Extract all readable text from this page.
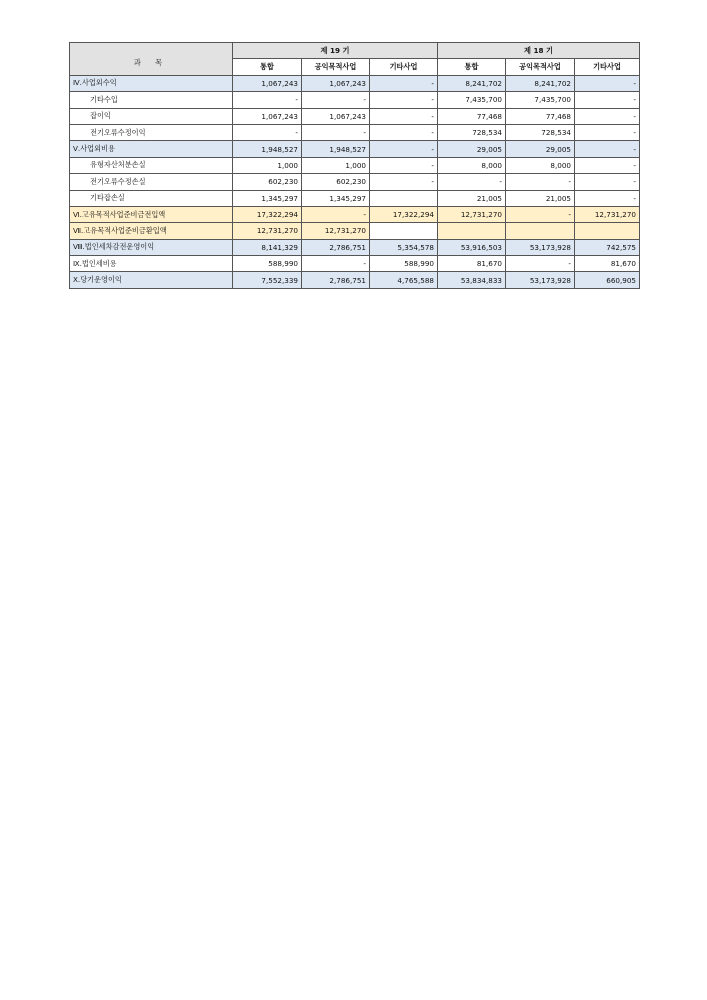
과 목	제 19 기			제 18 기		
	통합	공익목적사업	기타사업	통합	공익목적사업	기타사업
Ⅳ.사업외수익	1,067,243	1,067,243	-	8,241,702	8,241,702	-
기타수입	-	-	-	7,435,700	7,435,700	-
잡이익	1,067,243	1,067,243	-	77,468	77,468	-
전기오류수정이익	-	-	-	728,534	728,534	-
Ⅴ.사업외비용	1,948,527	1,948,527	-	29,005	29,005	-
유형자산처분손실	1,000	1,000	-	8,000	8,000	-
전기오류수정손실	602,230	602,230	-	-	-	-
기타잡손실	1,345,297	1,345,297		21,005	21,005	-
Ⅵ.고유목적사업준비금전입액	17,322,294	-	17,322,294	12,731,270	-	12,731,270
Ⅶ.고유목적사업준비금환입액	12,731,270	12,731,270				
Ⅷ.법인세차감전운영이익	8,141,329	2,786,751	5,354,578	53,916,503	53,173,928	742,575
Ⅸ.법인세비용	588,990	-	588,990	81,670	-	81,670
Ⅹ.당기운영이익	7,552,339	2,786,751	4,765,588	53,834,833	53,173,928	660,905
